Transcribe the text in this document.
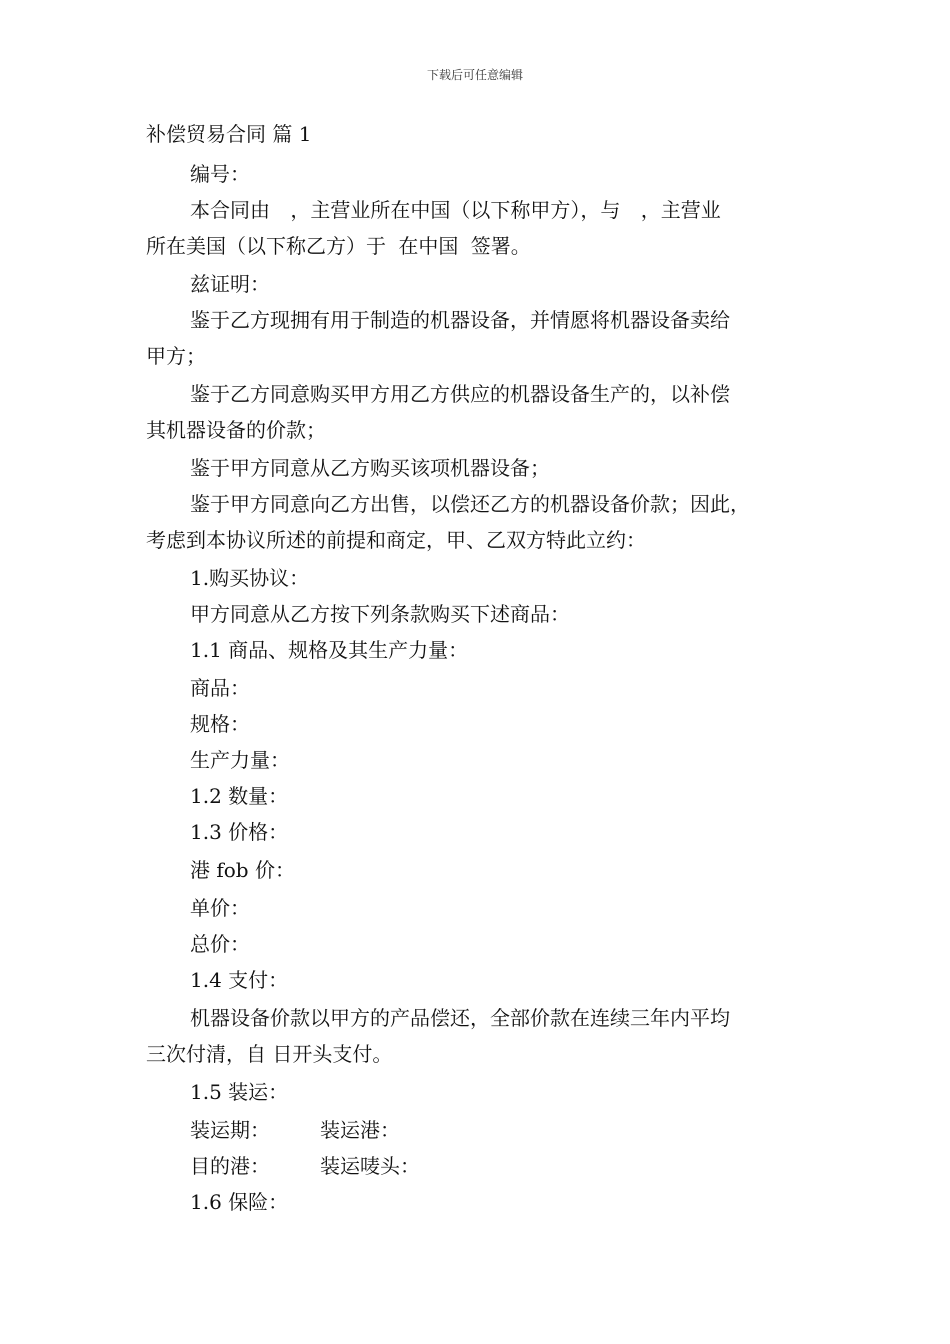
下载后可任意编辑
补偿贸易合同 篇 1
编号：
本合同由 ，主营业所在中国（以下称甲方），与 ，主营业
所在美国（以下称乙方）于 在中国 签署。
兹证明：
鉴于乙方现拥有用于制造的机器设备，并情愿将机器设备卖给
甲方；
鉴于乙方同意购买甲方用乙方供应的机器设备生产的，以补偿
其机器设备的价款；
鉴于甲方同意从乙方购买该项机器设备；
鉴于甲方同意向乙方出售，以偿还乙方的机器设备价款；因此，
考虑到本协议所述的前提和商定，甲、乙双方特此立约：
1.购买协议：
甲方同意从乙方按下列条款购买下述商品：
1.1 商品、规格及其生产力量：
商品：
规格：
生产力量：
1.2 数量：
1.3 价格：
港 fob 价：
单价：
总价：
1.4 支付：
机器设备价款以甲方的产品偿还，全部价款在连续三年内平均
三次付清，自 日开头支付。
1.5 装运：
装运期：	装运港：
目的港：	装运唛头：
1.6 保险：
